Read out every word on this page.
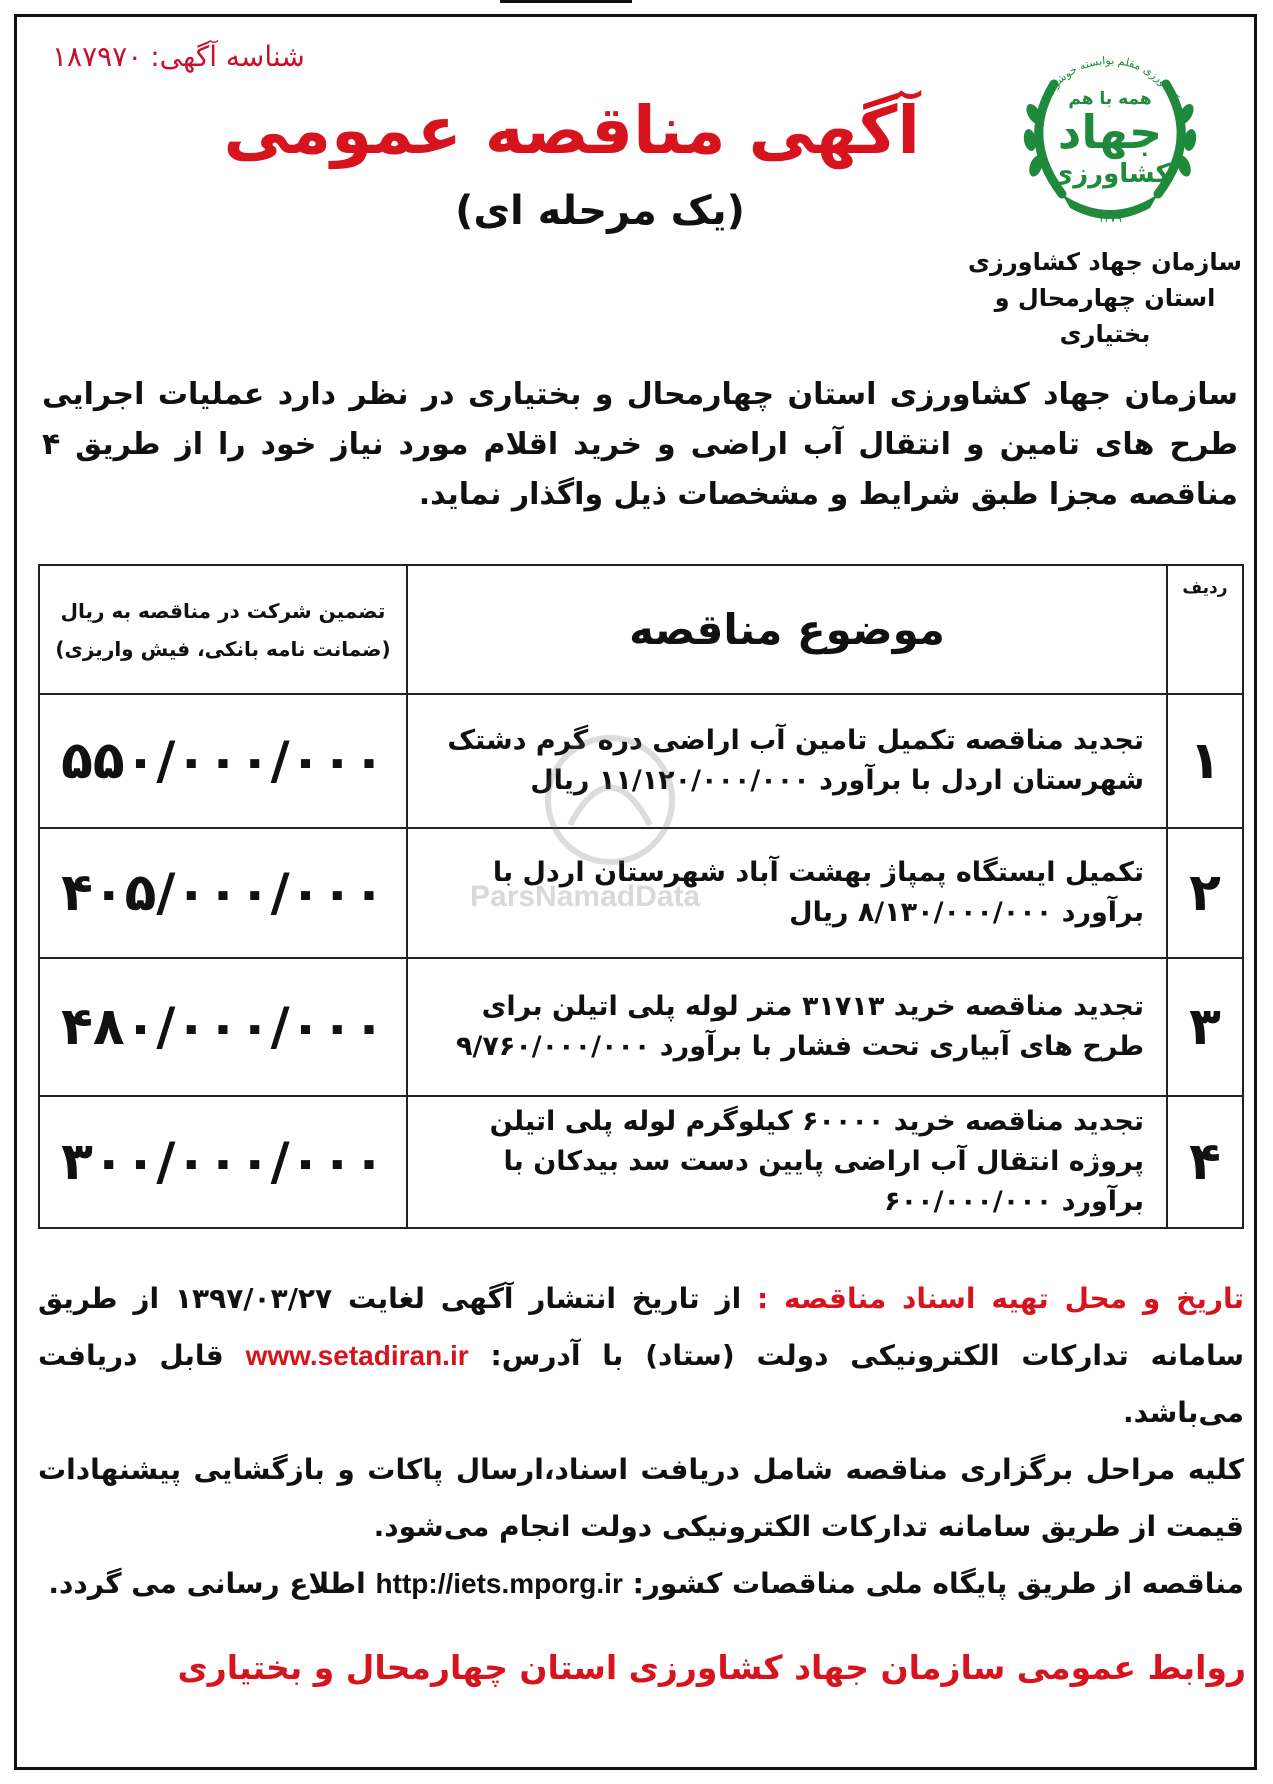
شناسه آگهی:۱۸۷۹۷۰
آگهی مناقصه عمومی
(یک مرحله ای)
کشاورزی مقلم بوابسته خوشوقت
همه با هم
جهاد
کشاورزی
۱۳۷۹
سازمان جهاد کشاورزی
استان چهارمحال و بختیاری
سازمان جهاد کشاورزی استان چهارمحال و بختیاری در نظر دارد عملیات اجرایی طرح های تامین و انتقال آب اراضی و خرید اقلام مورد نیاز خود را از طریق ۴ مناقصه مجزا طبق شرایط و مشخصات ذیل واگذار نماید.
ردیف	موضوع مناقصه	تضمین شرکت در مناقصه به ریال
(ضمانت نامه بانکی، فیش واریزی)

۱	تجدید مناقصه تکمیل تامین آب اراضی دره گرم دشتک شهرستان اردل با برآورد ۱۱/۱۲۰/۰۰۰/۰۰۰ ریال	۵۵۰/۰۰۰/۰۰۰
۲	تکمیل ایستگاه پمپاژ بهشت آباد شهرستان اردل با برآورد ۸/۱۳۰/۰۰۰/۰۰۰ ریال	۴۰۵/۰۰۰/۰۰۰
۳	تجدید مناقصه خرید ۳۱۷۱۳ متر لوله پلی اتیلن برای طرح های آبیاری تحت فشار با برآورد ۹/۷۶۰/۰۰۰/۰۰۰	۴۸۰/۰۰۰/۰۰۰
۴	تجدید مناقصه خرید ۶۰۰۰۰ کیلوگرم لوله پلی اتیلن پروژه انتقال آب اراضی پایین دست سد بیدکان با برآورد ۶۰۰/۰۰۰/۰۰۰	۳۰۰/۰۰۰/۰۰۰
ParsNamadData

تاریخ و محل تهیه اسناد مناقصه : از تاریخ انتشار آگهی لغایت ۱۳۹۷/۰۳/۲۷ از طریق سامانه تدارکات الکترونیکی دولت (ستاد) با آدرس: www.setadiran.ir قابل دریافت می‌باشد.

کلیه مراحل برگزاری مناقصه شامل دریافت اسناد،ارسال پاکات و بازگشایی پیشنهادات قیمت از طریق سامانه تدارکات الکترونیکی دولت انجام می‌شود.

مناقصه از طریق پایگاه ملی مناقصات کشور: http://iets.mporg.ir اطلاع رسانی می گردد.

روابط عمومی سازمان جهاد کشاورزی استان چهارمحال و بختیاری
